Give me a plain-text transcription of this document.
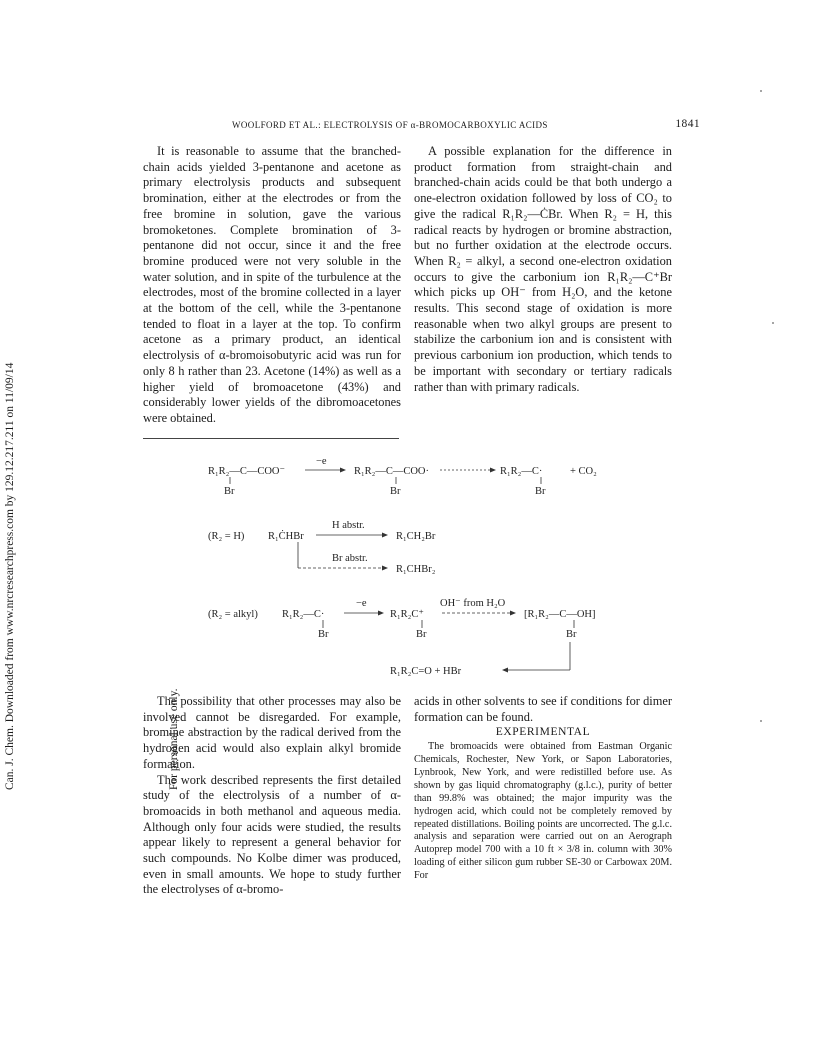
Can. J. Chem. Downloaded from www.nrcresearchpress.com by 129.12.217.211 on 11/09/14	For personal use only.
WOOLFORD ET AL.: ELECTROLYSIS OF α-BROMOCARBOXYLIC ACIDS	1841

It is reasonable to assume that the branched-chain acids yielded 3-pentanone and acetone as primary electrolysis products and subsequent bromination, either at the electrodes or from the free bromine in solution, gave the various bromoketones. Complete bromination of 3-pentanone did not occur, since it and the free bromine produced were not very soluble in the water solution, and in spite of the turbulence at the electrodes, most of the bromine collected in a layer at the bottom of the cell, while the 3-pentanone tended to float in a layer at the top. To confirm acetone as a primary product, an identical electrolysis of α-bromoisobutyric acid was run for only 8 h rather than 23. Acetone (14%) as well as a higher yield of bromoacetone (43%) and considerably lower yields of the dibromoacetones were obtained.

A possible explanation for the difference in product formation from straight-chain and branched-chain acids could be that both undergo a one-electron oxidation followed by loss of CO₂ to give the radical R₁R₂—ĊBr. When R₂ = H, this radical reacts by hydrogen or bromine abstraction, but no further oxidation at the electrode occurs. When R₂ = alkyl, a second one-electron oxidation occurs to give the carbonium ion R₁R₂—C⁺Br which picks up OH⁻ from H₂O, and the ketone results. This second stage of oxidation is more reasonable when two alkyl groups are present to stabilize the carbonium ion and is consistent with previous carbonium ion production, which tends to be important with secondary or tertiary radicals rather than with primary radicals.

R₁R₂—C—COO⁻
Br
−e
R₁R₂—C—COO·
Br
R₁R₂—C·
Br
+ CO₂
(R₂ = H) R₁ĊHBr
H abstr.
R₁CH₂Br
Br abstr.
R₁CHBr₂
(R₂ = alkyl) R₁R₂—C·
Br
−e
R₁R₂C⁺
Br
OH⁻ from H₂O
[R₁R₂—C—OH]
Br
R₁R₂C=O + HBr

The possibility that other processes may also be involved cannot be disregarded. For example, bromine abstraction by the radical derived from the hydrogen acid would also explain alkyl bromide formation.

The work described represents the first detailed study of the electrolysis of a number of α-bromoacids in both methanol and aqueous media. Although only four acids were studied, the results appear likely to represent a general behavior for such compounds. No Kolbe dimer was produced, even in small amounts. We hope to study further the electrolyses of α-bromo-

acids in other solvents to see if conditions for dimer formation can be found.

EXPERIMENTAL

The bromoacids were obtained from Eastman Organic Chemicals, Rochester, New York, or Sapon Laboratories, Lynbrook, New York, and were redistilled before use. As shown by gas liquid chromatography (g.l.c.), purity of better than 99.8% was obtained; the major impurity was the hydrogen acid, which could not be completely removed by repeated distillations. Boiling points are uncorrected. The g.l.c. analysis and separation were carried out on an Aerograph Autoprep model 700 with a 10 ft × 3/8 in. column with 30% loading of either silicon gum rubber SE-30 or Carbowax 20M. For
